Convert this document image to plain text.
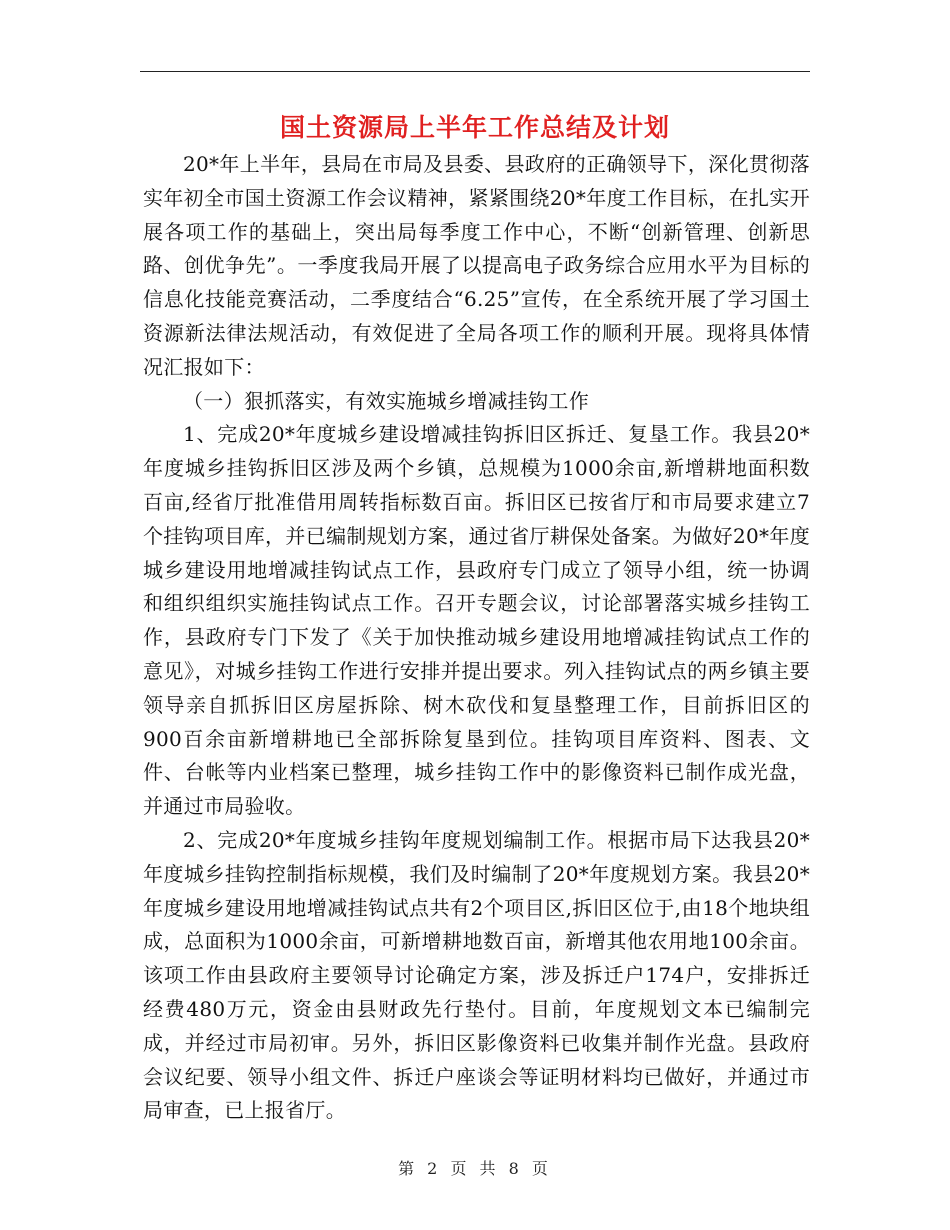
国土资源局上半年工作总结及计划

20*年上半年，县局在市局及县委、县政府的正确领导下，深化贯彻落实年初全市国土资源工作会议精神，紧紧围绕20*年度工作目标，在扎实开展各项工作的基础上，突出局每季度工作中心，不断“创新管理、创新思路、创优争先”。一季度我局开展了以提高电子政务综合应用水平为目标的信息化技能竞赛活动，二季度结合“6.25”宣传，在全系统开展了学习国土资源新法律法规活动，有效促进了全局各项工作的顺利开展。现将具体情况汇报如下：

（一）狠抓落实，有效实施城乡增减挂钩工作

1、完成20*年度城乡建设增减挂钩拆旧区拆迁、复垦工作。我县20*年度城乡挂钩拆旧区涉及两个乡镇，总规模为1000余亩,新增耕地面积数百亩,经省厅批准借用周转指标数百亩。拆旧区已按省厅和市局要求建立7个挂钩项目库，并已编制规划方案，通过省厅耕保处备案。为做好20*年度城乡建设用地增减挂钩试点工作，县政府专门成立了领导小组，统一协调和组织组织实施挂钩试点工作。召开专题会议，讨论部署落实城乡挂钩工作，县政府专门下发了《关于加快推动城乡建设用地增减挂钩试点工作的意见》，对城乡挂钩工作进行安排并提出要求。列入挂钩试点的两乡镇主要领导亲自抓拆旧区房屋拆除、树木砍伐和复垦整理工作，目前拆旧区的900百余亩新增耕地已全部拆除复垦到位。挂钩项目库资料、图表、文件、台帐等内业档案已整理，城乡挂钩工作中的影像资料已制作成光盘，并通过市局验收。

2、完成20*年度城乡挂钩年度规划编制工作。根据市局下达我县20*年度城乡挂钩控制指标规模，我们及时编制了20*年度规划方案。我县20*年度城乡建设用地增减挂钩试点共有2个项目区,拆旧区位于,由18个地块组成，总面积为1000余亩，可新增耕地数百亩，新增其他农用地100余亩。该项工作由县政府主要领导讨论确定方案，涉及拆迁户174户，安排拆迁经费480万元，资金由县财政先行垫付。目前，年度规划文本已编制完成，并经过市局初审。另外，拆旧区影像资料已收集并制作光盘。县政府会议纪要、领导小组文件、拆迁户座谈会等证明材料均已做好，并通过市局审查，已上报省厅。

第 2 页 共 8 页
